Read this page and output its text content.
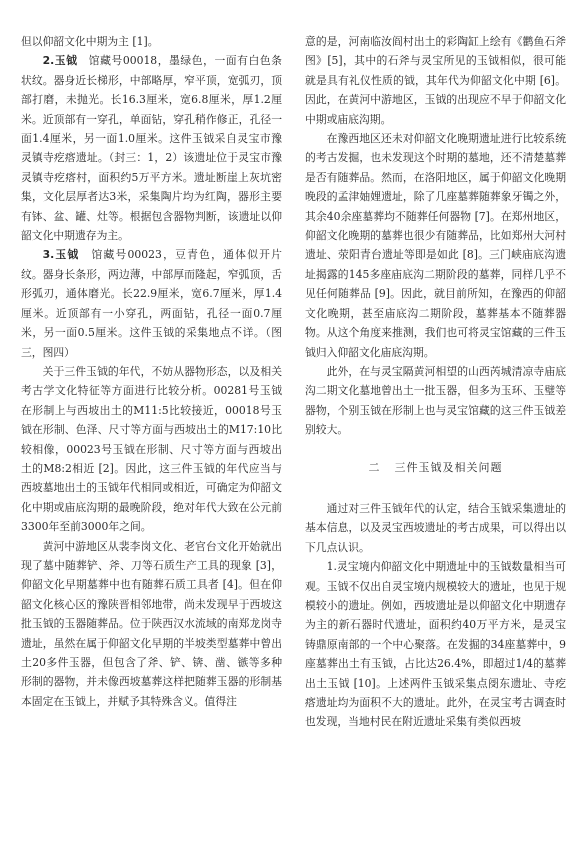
但以仰韶文化中期为主 [1]。

2.玉钺　馆藏号00018，墨绿色，一面有白色条状纹。器身近长梯形，中部略厚，窄平顶，宽弧刃，顶部打磨，未抛光。长16.3厘米，宽6.8厘米，厚1.2厘米。近顶部有一穿孔，单面钻，穿孔稍作修正，孔径一面1.4厘米，另一面1.0厘米。这件玉钺采自灵宝市豫灵镇寺疙瘩遗址。（封三：1，2）该遗址位于灵宝市豫灵镇寺疙瘩村，面积约5万平方米。遗址断崖上灰坑密集，文化层厚者达3米，采集陶片均为红陶，器形主要有钵、盆、罐、灶等。根据包含器物判断，该遗址以仰韶文化中期遗存为主。

3.玉钺　馆藏号00023，豆青色，通体似开片纹。器身长条形，两边薄，中部厚而隆起，窄弧顶，舌形弧刃，通体磨光。长22.9厘米，宽6.7厘米，厚1.4厘米。近顶部有一小穿孔，两面钻，孔径一面0.7厘米，另一面0.5厘米。这件玉钺的采集地点不详。（图三，图四）

关于三件玉钺的年代，不妨从器物形态，以及相关考古学文化特征等方面进行比较分析。00281号玉钺在形制上与西坡出土的M11:5比较接近，00018号玉钺在形制、色泽、尺寸等方面与西坡出土的M17:10比较相像，00023号玉钺在形制、尺寸等方面与西坡出土的M8:2相近 [2]。因此，这三件玉钺的年代应当与西坡墓地出土的玉钺年代相同或相近，可确定为仰韶文化中期或庙底沟期的最晚阶段，绝对年代大致在公元前3300年至前3000年之间。

黄河中游地区从裴李岗文化、老官台文化开始就出现了墓中随葬铲、斧、刀等石质生产工具的现象 [3]，仰韶文化早期墓葬中也有随葬石质工具者 [4]。但在仰韶文化核心区的豫陕晋相邻地带，尚未发现早于西坡这批玉钺的玉器随葬品。位于陕西汉水流域的南郑龙岗寺遗址，虽然在属于仰韶文化早期的半坡类型墓葬中曾出土20多件玉器，但包含了斧、铲、锛、凿、镞等多种形制的器物，并未像西坡墓葬这样把随葬玉器的形制基本固定在玉钺上，并赋予其特殊含义。值得注

意的是，河南临汝阎村出土的彩陶缸上绘有《鹳鱼石斧图》[5]，其中的石斧与灵宝所见的玉钺相似，很可能就是具有礼仪性质的钺，其年代为仰韶文化中期 [6]。因此，在黄河中游地区，玉钺的出现应不早于仰韶文化中期或庙底沟期。

在豫西地区还未对仰韶文化晚期遗址进行比较系统的考古发掘，也未发现这个时期的墓地，还不清楚墓葬是否有随葬品。然而，在洛阳地区，属于仰韶文化晚期晚段的孟津妯娌遗址，除了几座墓葬随葬象牙镯之外，其余40余座墓葬均不随葬任何器物 [7]。在郑州地区，仰韶文化晚期的墓葬也很少有随葬品，比如郑州大河村遗址、荥阳青台遗址等即是如此 [8]。三门峡庙底沟遗址揭露的145多座庙底沟二期阶段的墓葬，同样几乎不见任何随葬品 [9]。因此，就目前所知，在豫西的仰韶文化晚期，甚至庙底沟二期阶段，墓葬基本不随葬器物。从这个角度来推测，我们也可将灵宝馆藏的三件玉钺归入仰韶文化庙底沟期。

此外，在与灵宝隔黄河相望的山西芮城清凉寺庙底沟二期文化墓地曾出土一批玉器，但多为玉环、玉璧等器物，个别玉钺在形制上也与灵宝馆藏的这三件玉钺差别较大。

二 三件玉钺及相关问题

通过对三件玉钺年代的认定，结合玉钺采集遗址的基本信息，以及灵宝西坡遗址的考古成果，可以得出以下几点认识。

1.灵宝境内仰韶文化中期遗址中的玉钺数量相当可观。玉钺不仅出自灵宝境内规模较大的遗址，也见于规模较小的遗址。例如，西坡遗址是以仰韶文化中期遗存为主的新石器时代遗址，面积约40万平方米，是灵宝铸鼎原南部的一个中心聚落。在发掘的34座墓葬中，9座墓葬出土有玉钺，占比达26.4%，即超过1/4的墓葬出土玉钺 [10]。上述两件玉钺采集点阌东遗址、寺疙瘩遗址均为面积不大的遗址。此外，在灵宝考古调查时也发现，当地村民在附近遗址采集有类似西坡
